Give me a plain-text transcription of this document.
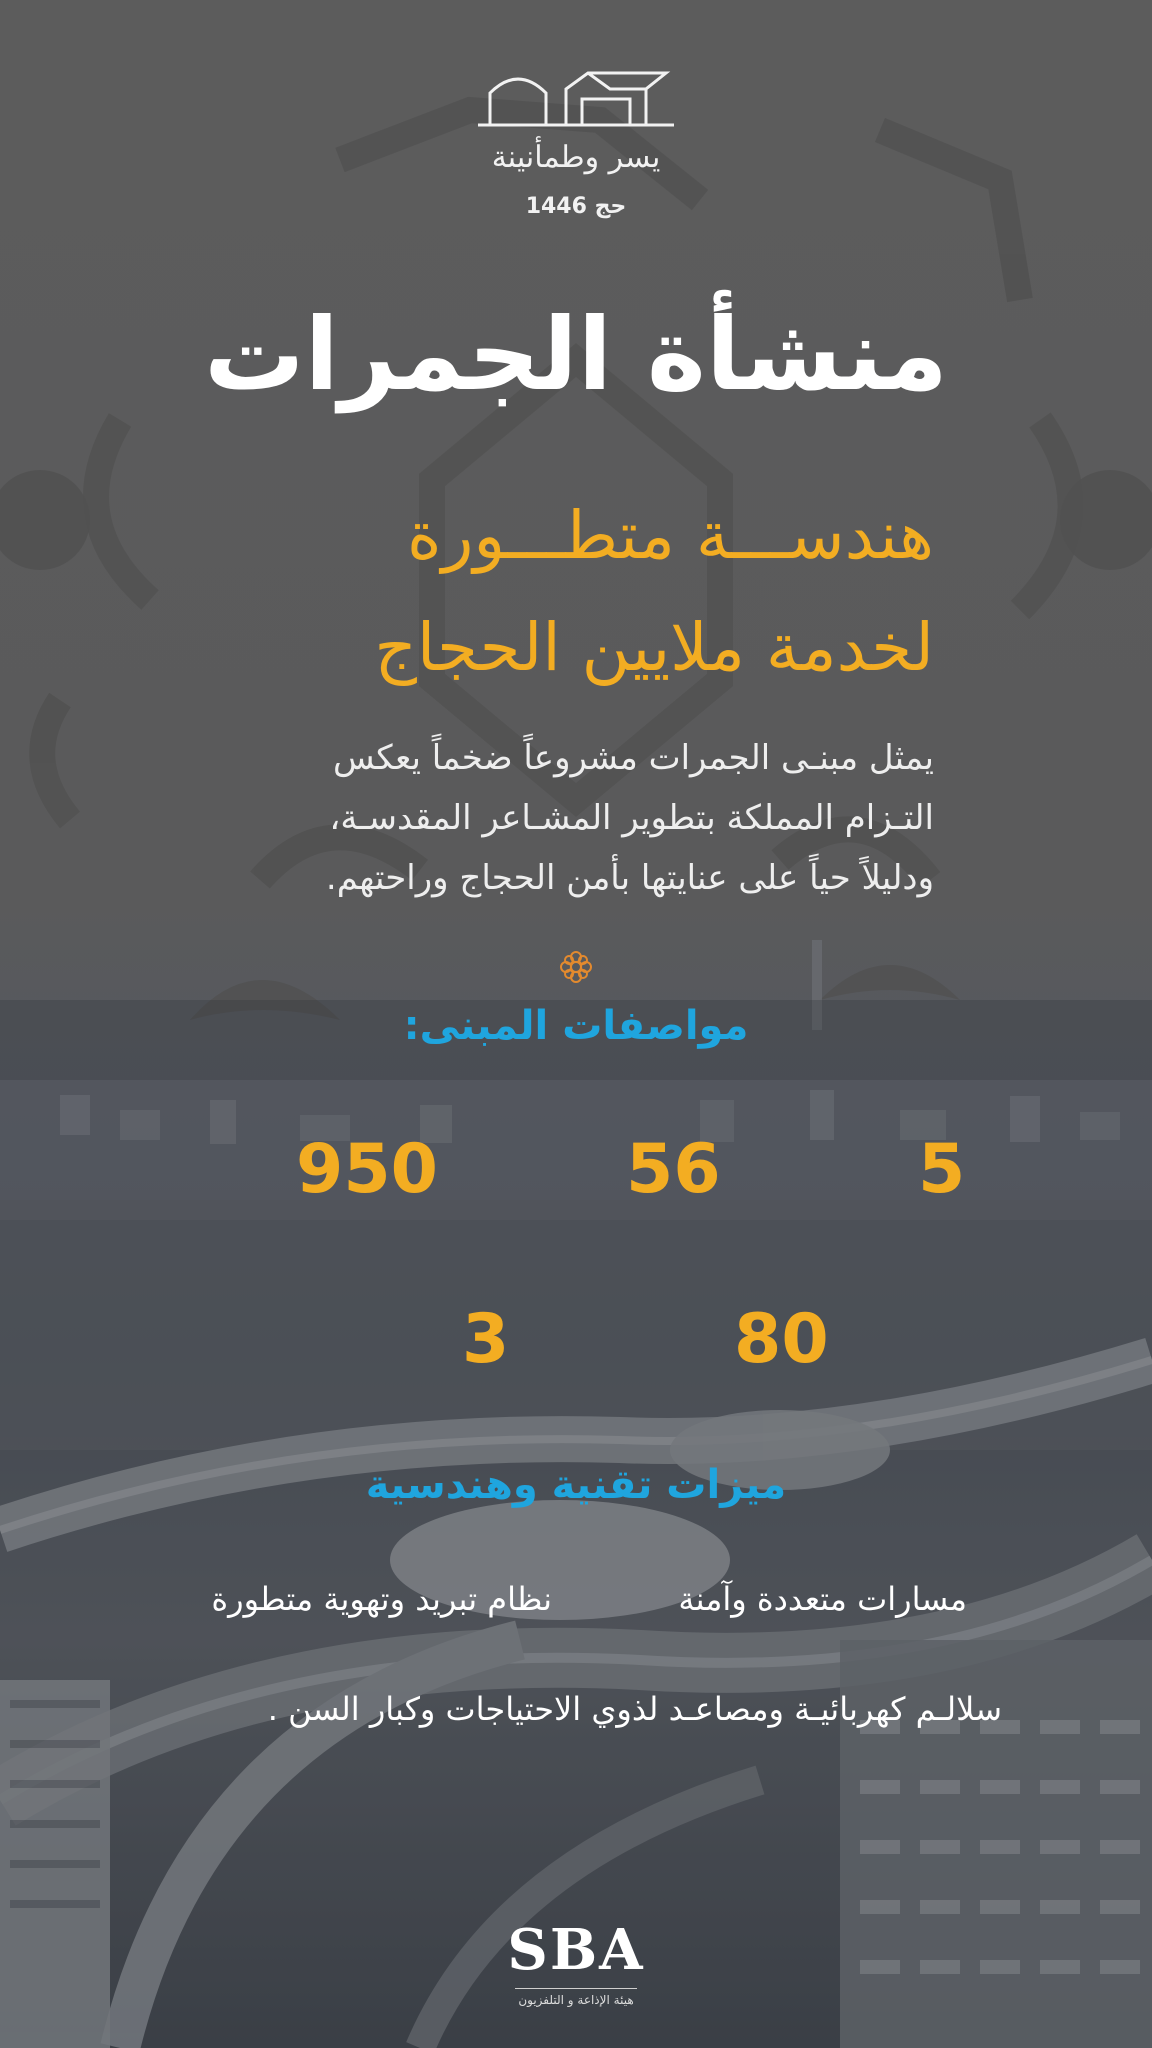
يسر وطمأنينة
حج 1446
منشأة الجمرات
هندســـة متطـــورة
لخدمة ملايين الحجاج
يمثل مبنـى الجمرات مشروعاً ضخماً يعكس
التـزام المملكة بتطوير المشـاعر المقدسـة،
ودليلاً حياً على عنايتها بأمن الحجاج وراحتهم.
مواصفات المبنى:
5
56
950
80
3
ميزات تقنية وهندسية
مسارات متعددة وآمنة
نظام تبريد وتهوية متطورة
سلالـم كهربائيـة ومصاعـد لذوي الاحتياجات وكبار السن .
SBA
هيئة الإذاعة و التلفزيون
